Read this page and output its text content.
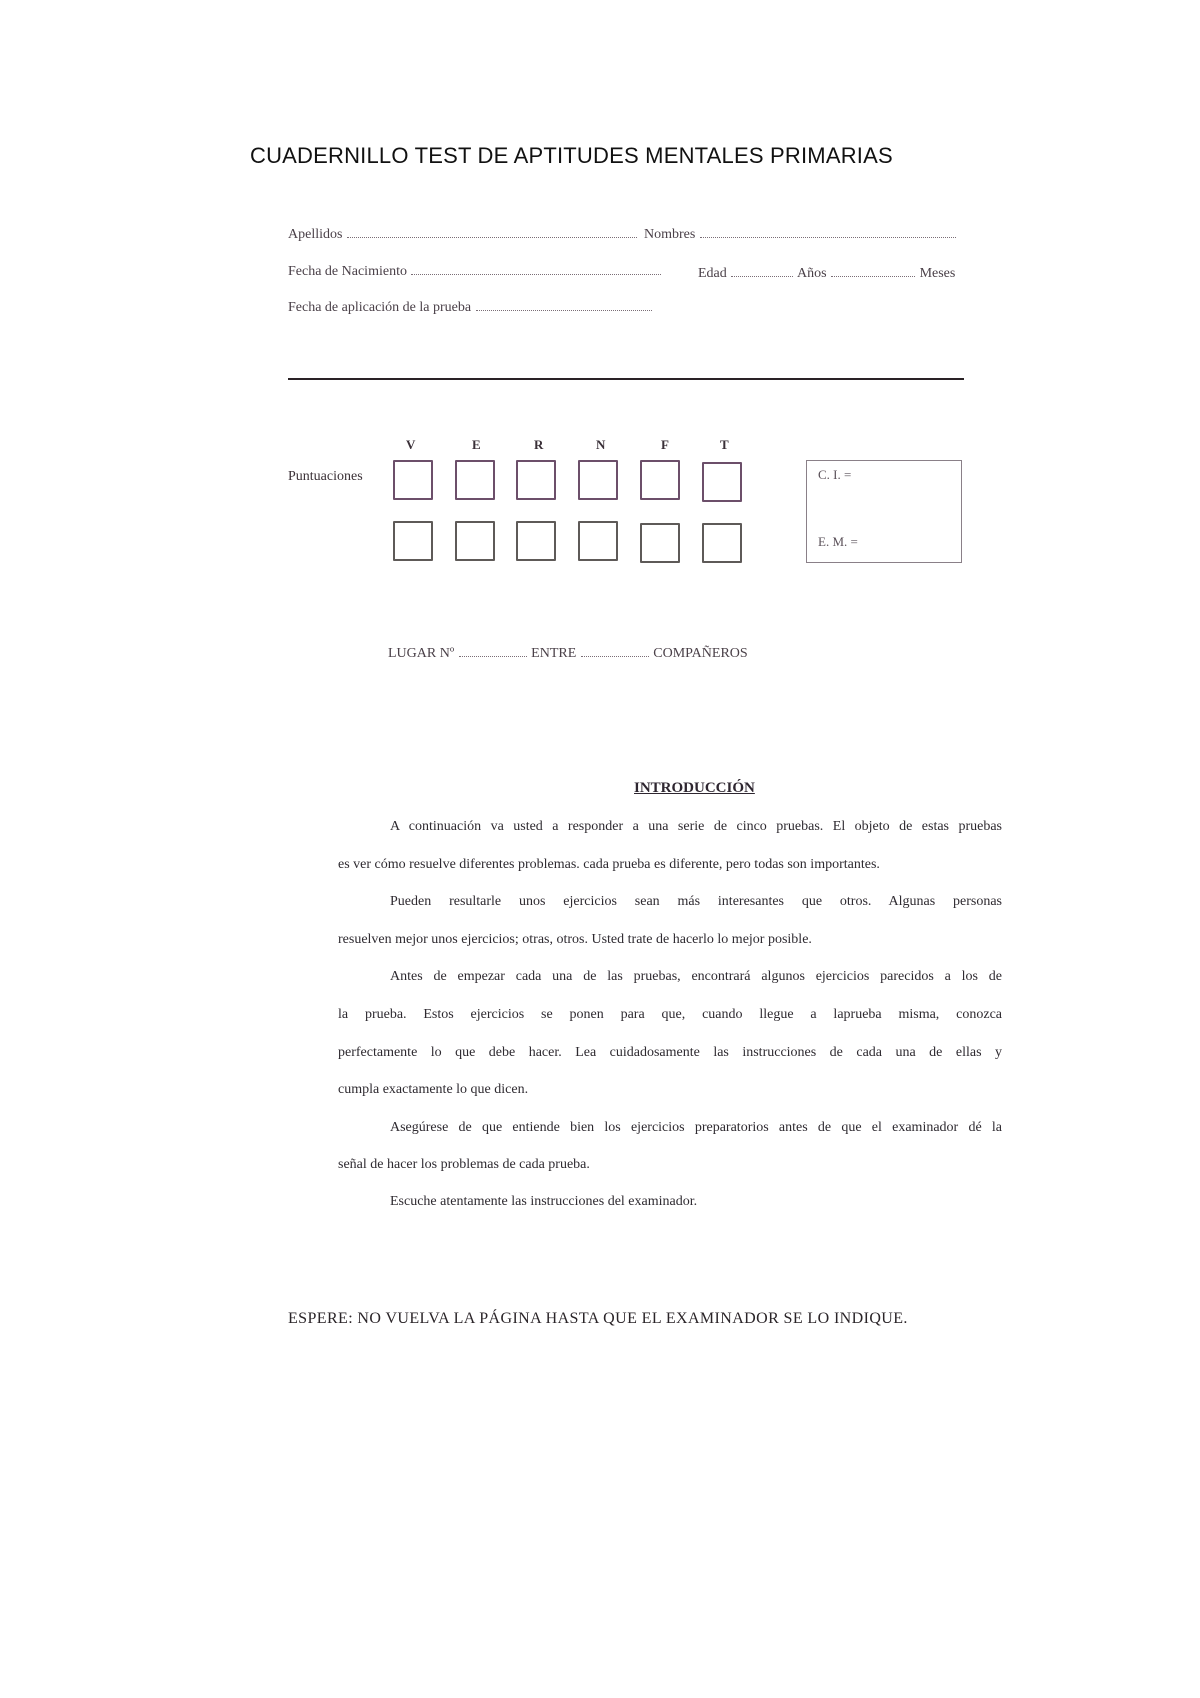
CUADERNILLO TEST DE APTITUDES MENTALES PRIMARIAS
Apellidos	Nombres
Fecha de Nacimiento	Edad	Años	Meses
Fecha de aplicación de la prueba
V	E	R	N	F	T
Puntuaciones	C. I. =
E. M. =
LUGAR Nº	ENTRE	COMPAÑEROS
INTRODUCCIÓN
A continuación va usted a responder a una serie de cinco pruebas. El objeto de estas pruebas
es ver cómo resuelve diferentes problemas. cada prueba es diferente, pero todas son importantes.
Pueden resultarle unos ejercicios sean más interesantes que otros. Algunas personas
resuelven mejor unos ejercicios; otras, otros. Usted trate de hacerlo lo mejor posible.
Antes de empezar cada una de las pruebas, encontrará algunos ejercicios parecidos a los de
la prueba. Estos ejercicios se ponen para que, cuando llegue a laprueba misma, conozca
perfectamente lo que debe hacer. Lea cuidadosamente las instrucciones de cada una de ellas y
cumpla exactamente lo que dicen.
Asegúrese de que entiende bien los ejercicios preparatorios antes de que el examinador dé la
señal de hacer los problemas de cada prueba.
Escuche atentamente las instrucciones del examinador.
ESPERE: NO VUELVA LA PÁGINA HASTA QUE EL EXAMINADOR SE LO INDIQUE.
